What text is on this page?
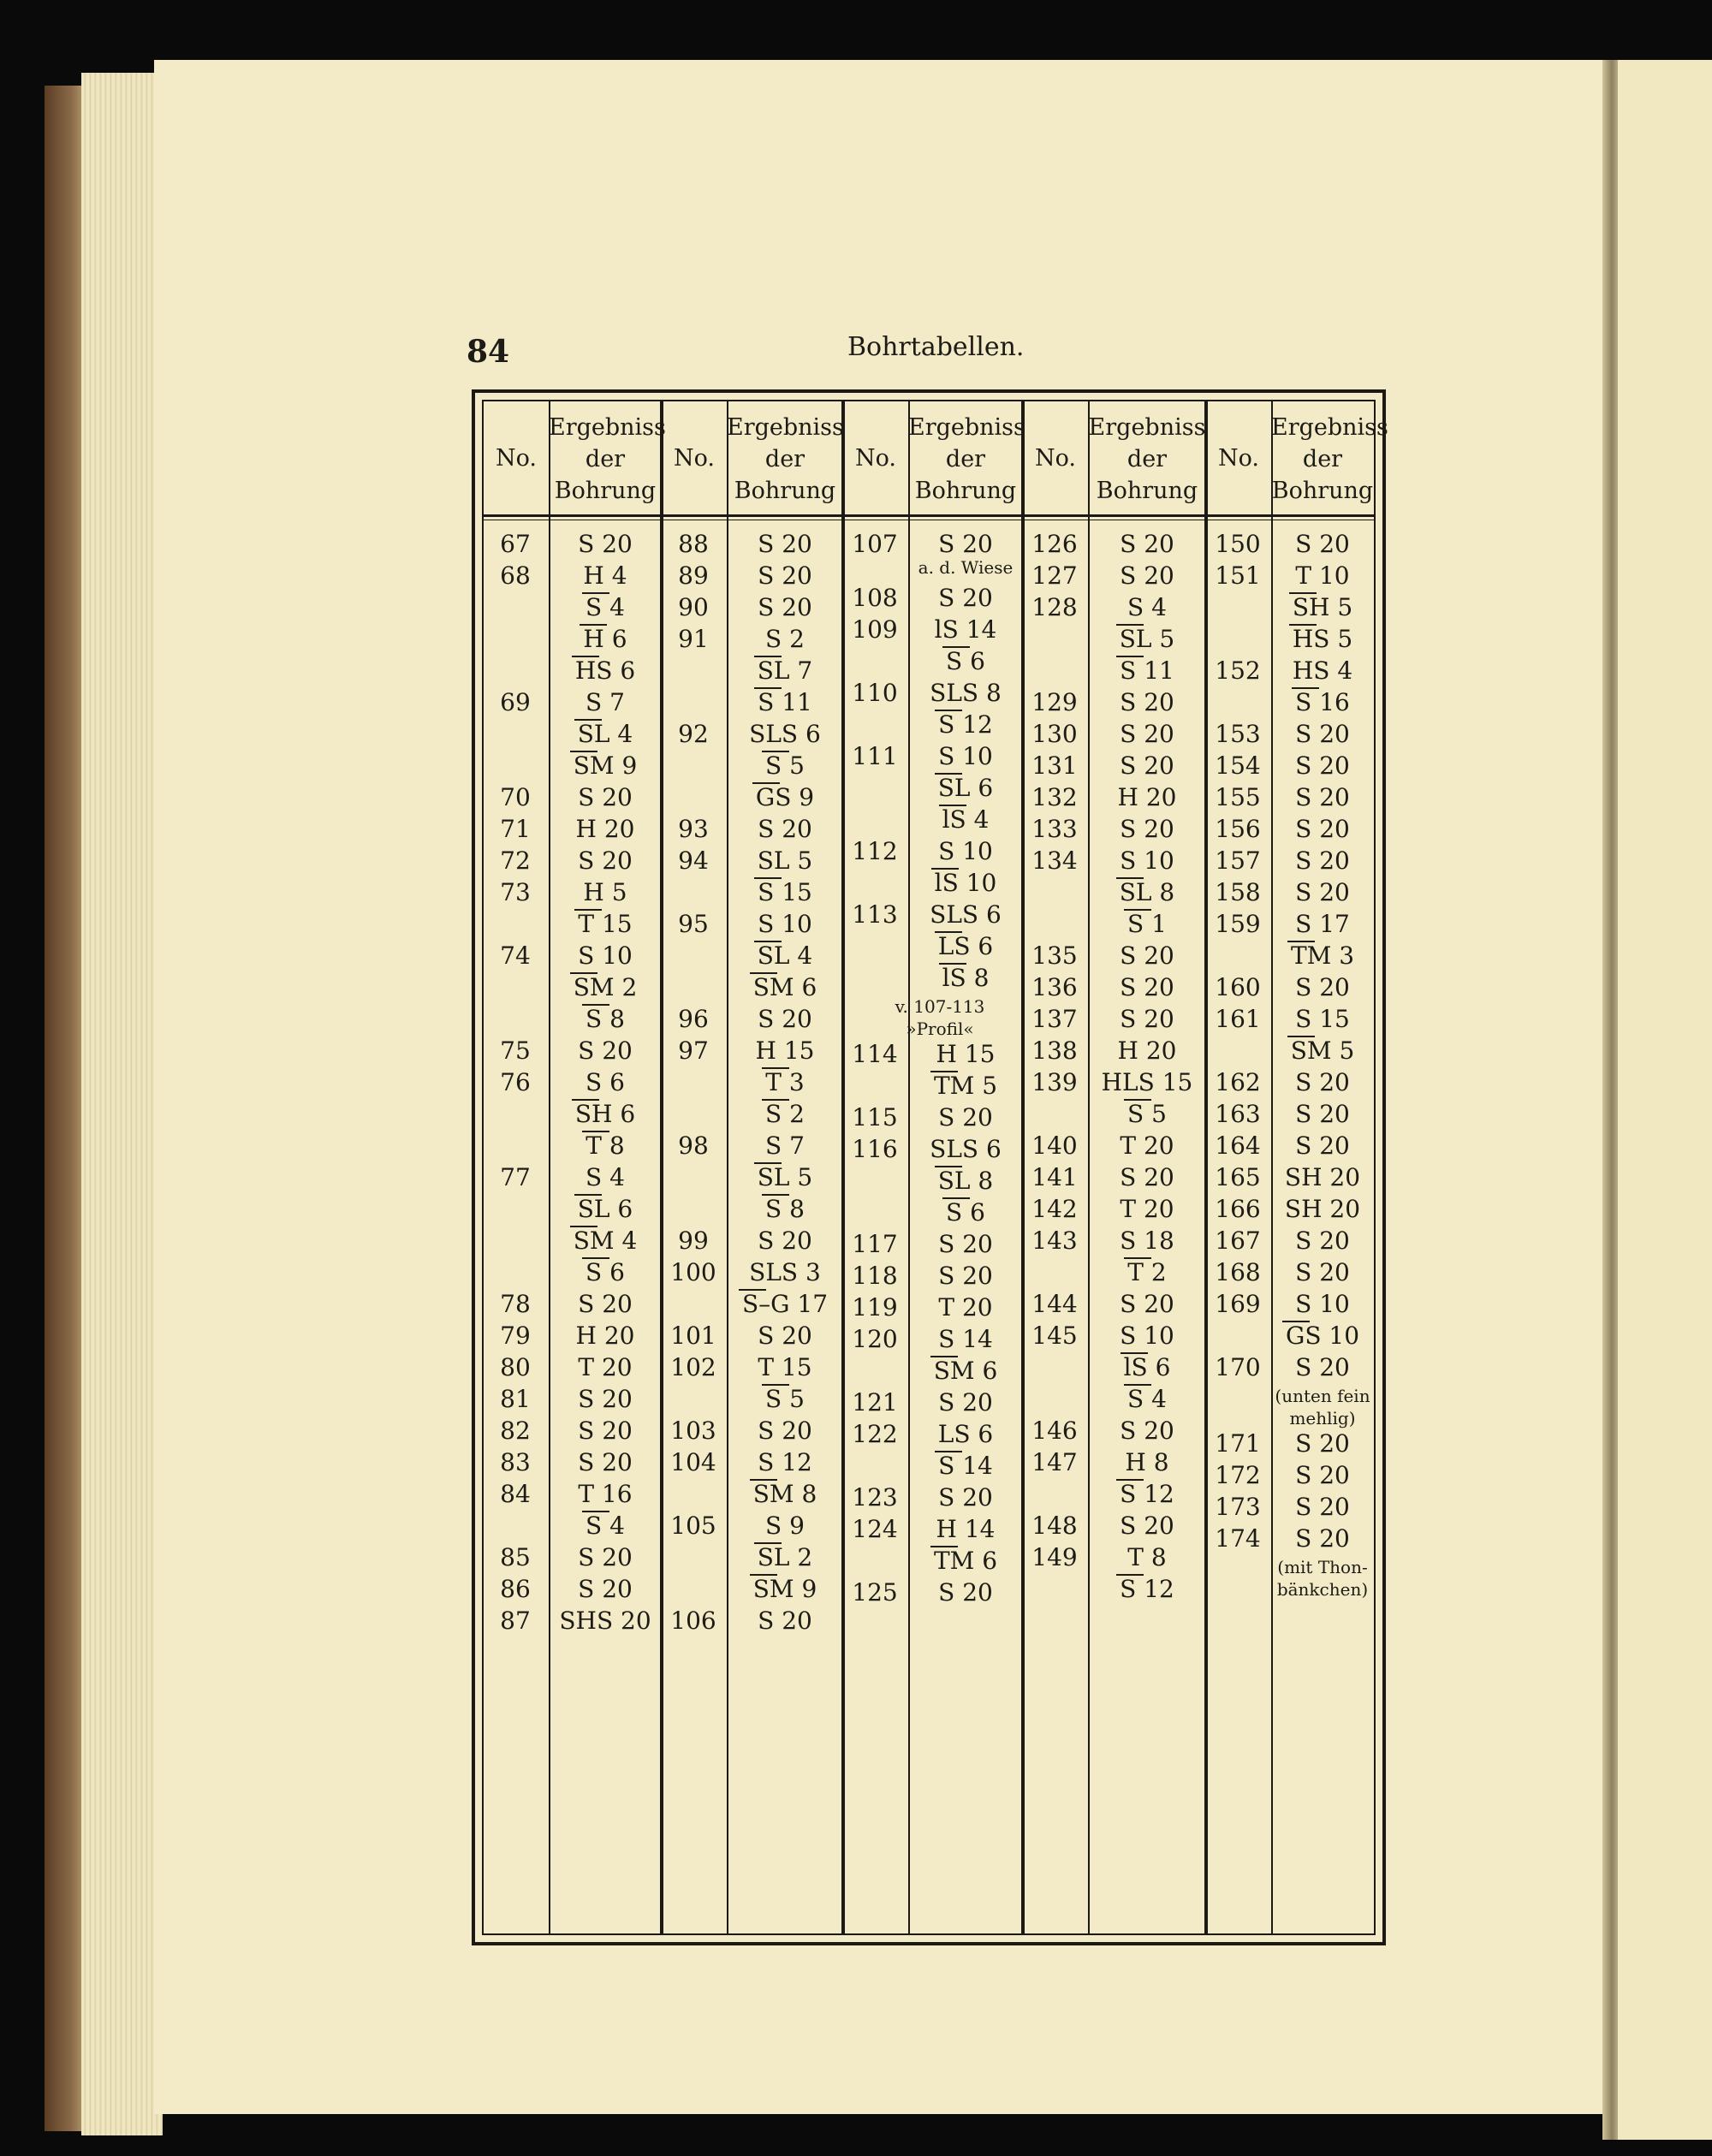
84	Bohrtabellen.
No.
Ergebniss
der
Bohrung
67	S 20
68	H 4
S 4
H 6
HS 6
69	S 7
SL 4
SM 9
70	S 20
71	H 20
72	S 20
73	H 5
T 15
74	S 10
SM 2
S 8
75	S 20
76	S 6
SH 6
T 8
77	S 4
SL 6
SM 4
S 6
78	S 20
79	H 20
80	T 20
81	S 20
82	S 20
83	S 20
84	T 16
S 4
85	S 20
86	S 20
87	SHS 20
No.
Ergebniss
der
Bohrung
88	S 20
89	S 20
90	S 20
91	S 2
SL 7
S 11
92	SLS 6
S 5
GS 9
93	S 20
94	SL 5
S 15
95	S 10
SL 4
SM 6
96	S 20
97	H 15
T 3
S 2
98	S 7
SL 5
S 8
99	S 20
100	SLS 3
S–G 17
101	S 20
102	T 15
S 5
103	S 20
104	S 12
SM 8
105	S 9
SL 2
SM 9
106	S 20
No.
Ergebniss
der
Bohrung
107	S 20
a. d. Wiese
108	S 20
109	lS 14
S 6
110	SLS 8
S 12
111	S 10
SL 6
lS 4
112	S 10
lS 10
113	SLS 6
LS 6
lS 8
v. 107-113
»Profil«
114	H 15
TM 5
115	S 20
116	SLS 6
SL 8
S 6
117	S 20
118	S 20
119	T 20
120	S 14
SM 6
121	S 20
122	LS 6
S 14
123	S 20
124	H 14
TM 6
125	S 20
No.
Ergebniss
der
Bohrung
126	S 20
127	S 20
128	S 4
SL 5
S 11
129	S 20
130	S 20
131	S 20
132	H 20
133	S 20
134	S 10
SL 8
S 1
135	S 20
136	S 20
137	S 20
138	H 20
139 HLS 15
S 5
140	T 20
141	S 20
142	T 20
143	S 18
T 2
144	S 20
145	S 10
lS 6
S 4
146	S 20
147	H 8
S 12
148	S 20
149	T 8
S 12
No.
Ergebniss
der
Bohrung
150	S 20
151	T 10
SH 5
HS 5
152	HS 4
S 16
153	S 20
154	S 20
155	S 20
156	S 20
157	S 20
158	S 20
159	S 17
TM 3
160	S 20
161	S 15
SM 5
162	S 20
163	S 20
164	S 20
165	SH 20
166	SH 20
167	S 20
168	S 20
169	S 10
GS 10
170	S 20
(unten fein
mehlig)
171	S 20
172	S 20
173	S 20
174	S 20
(mit Thon-
bänkchen)
